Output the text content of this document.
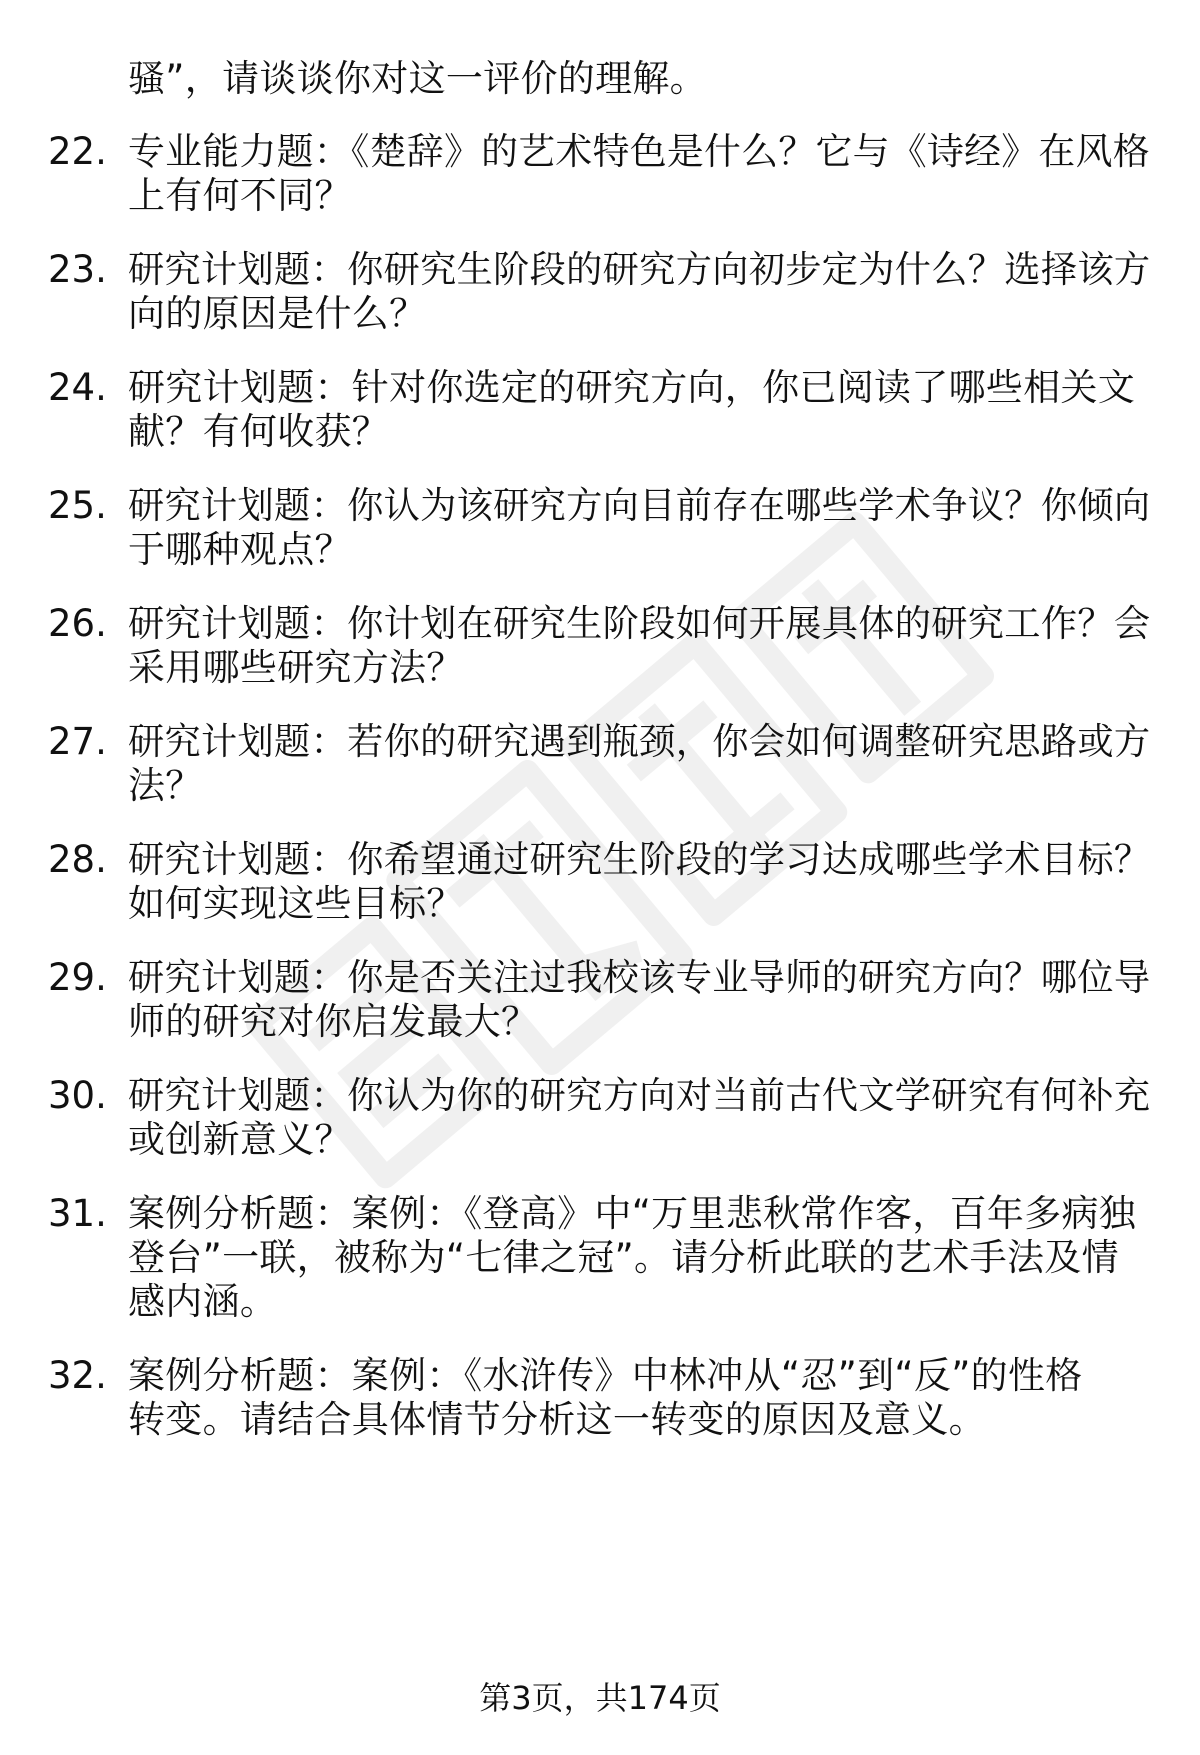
骚”，请谈谈你对这一评价的理解。
22. 专业能力题：《楚辞》的艺术特色是什么？它与《诗经》在风格
上有何不同？
23. 研究计划题：你研究生阶段的研究方向初步定为什么？选择该方
向的原因是什么？
24. 研究计划题：针对你选定的研究方向，你已阅读了哪些相关文
献？有何收获？
25. 研究计划题：你认为该研究方向目前存在哪些学术争议？你倾向
于哪种观点？
26. 研究计划题：你计划在研究生阶段如何开展具体的研究工作？会
采用哪些研究方法？
27. 研究计划题：若你的研究遇到瓶颈，你会如何调整研究思路或方
法？
28. 研究计划题：你希望通过研究生阶段的学习达成哪些学术目标？
如何实现这些目标？
29. 研究计划题：你是否关注过我校该专业导师的研究方向？哪位导
师的研究对你启发最大？
30. 研究计划题：你认为你的研究方向对当前古代文学研究有何补充
或创新意义？
31. 案例分析题：案例：《登高》中“万里悲秋常作客，百年多病独
登台”一联，被称为“七律之冠”。请分析此联的艺术手法及情
感内涵。
32. 案例分析题：案例：《水浒传》中林冲从“忍”到“反”的性格
转变。请结合具体情节分析这一转变的原因及意义。
第3页，共174页
